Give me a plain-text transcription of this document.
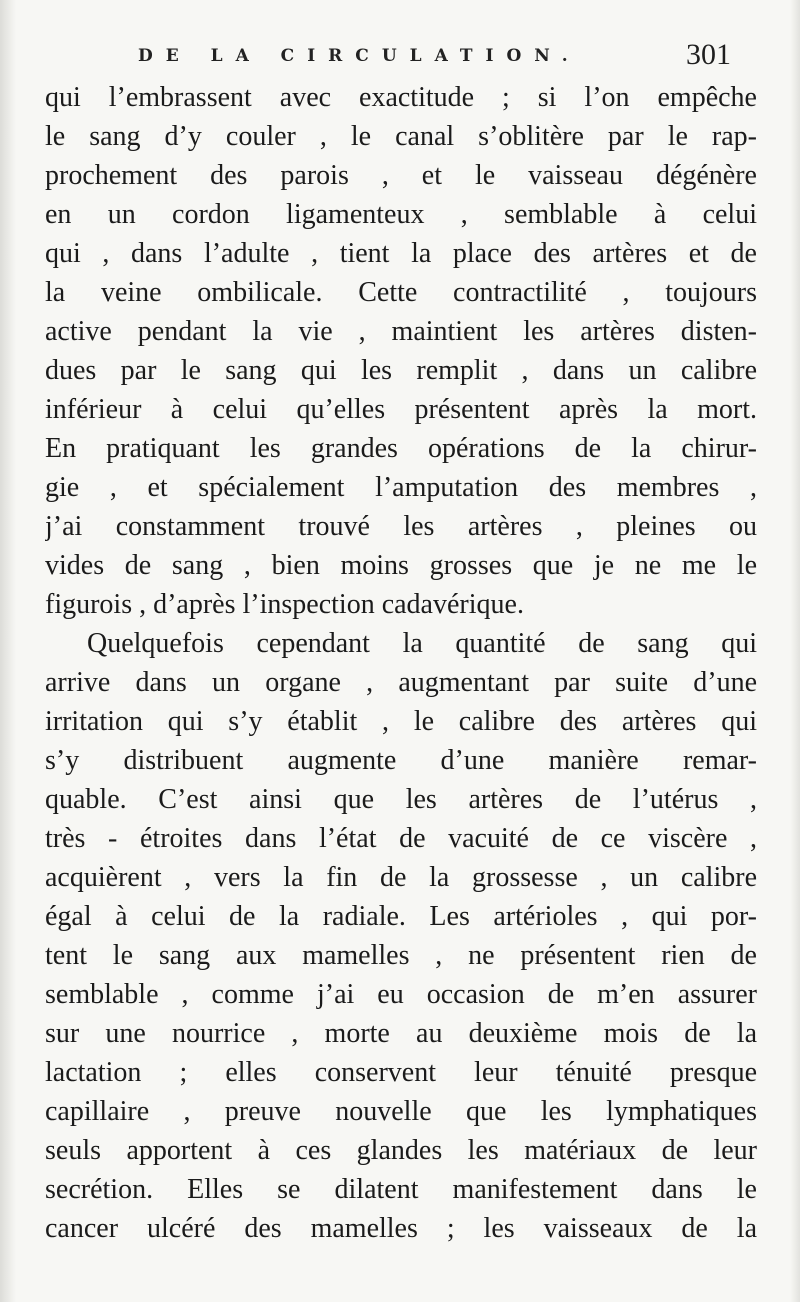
DE LA CIRCULATION.	301
qui l’embrassent avec exactitude ; si l’on empêche
le sang d’y couler , le canal s’oblitère par le rap-
prochement des parois , et le vaisseau dégénère
en un cordon ligamenteux , semblable à celui
qui , dans l’adulte , tient la place des artères et de
la veine ombilicale. Cette contractilité , toujours
active pendant la vie , maintient les artères disten-
dues par le sang qui les remplit , dans un calibre
inférieur à celui qu’elles présentent après la mort.
En pratiquant les grandes opérations de la chirur-
gie , et spécialement l’amputation des membres ,
j’ai constamment trouvé les artères , pleines ou
vides de sang , bien moins grosses que je ne me le
figurois , d’après l’inspection cadavérique.
Quelquefois cependant la quantité de sang qui
arrive dans un organe , augmentant par suite d’une
irritation qui s’y établit , le calibre des artères qui
s’y distribuent augmente d’une manière remar-
quable. C’est ainsi que les artères de l’utérus ,
très - étroites dans l’état de vacuité de ce viscère ,
acquièrent , vers la fin de la grossesse , un calibre
égal à celui de la radiale. Les artérioles , qui por-
tent le sang aux mamelles , ne présentent rien de
semblable , comme j’ai eu occasion de m’en assurer
sur une nourrice , morte au deuxième mois de la
lactation ; elles conservent leur ténuité presque
capillaire , preuve nouvelle que les lymphatiques
seuls apportent à ces glandes les matériaux de leur
secrétion. Elles se dilatent manifestement dans le
cancer ulcéré des mamelles ; les vaisseaux de la
